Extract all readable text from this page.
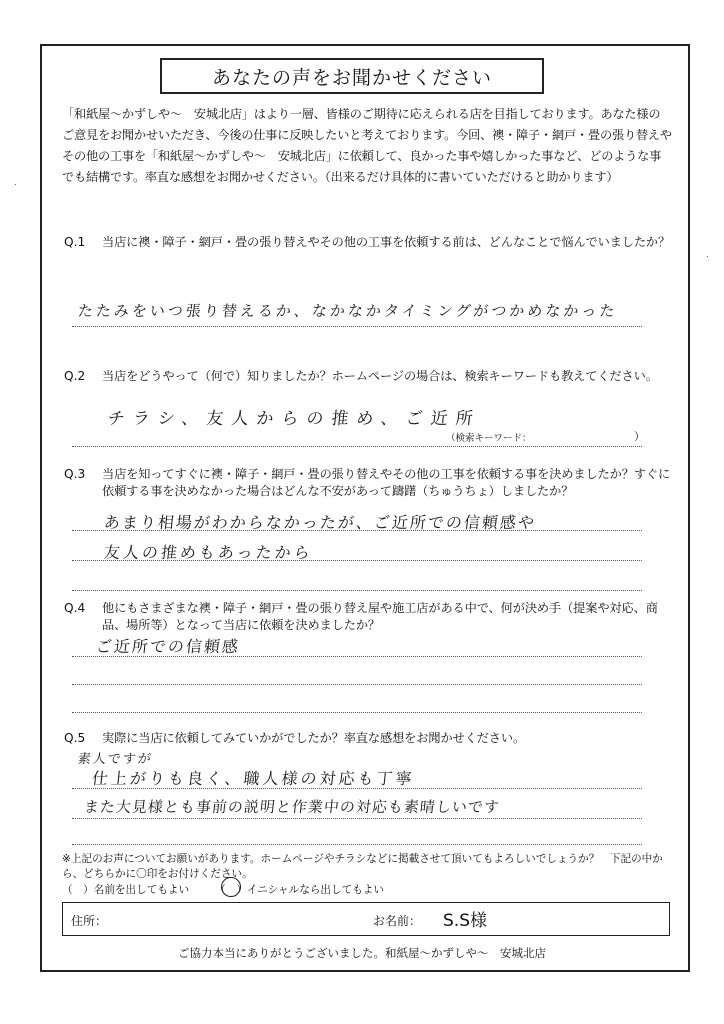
あなたの声をお聞かせください
「和紙屋～かずしや～　安城北店」はより一層、皆様のご期待に応えられる店を目指しております。あなた様のご意見をお聞かせいただき、今後の仕事に反映したいと考えております。今回、襖・障子・網戸・畳の張り替えやその他の工事を「和紙屋～かずしや～　安城北店」に依頼して、良かった事や嬉しかった事など、どのような事でも結構です。率直な感想をお聞かせください。（出来るだけ具体的に書いていただけると助かります）
Q.1	当店に襖・障子・網戸・畳の張り替えやその他の工事を依頼する前は、どんなことで悩んでいましたか？
たたみをいつ張り替えるか、なかなかタイミングがつかめなかった
Q.2	当店をどうやって（何で）知りましたか？ホームページの場合は、検索キーワードも教えてください。
チラシ、友人からの推め、ご近所
（検索キーワード：	）
Q.3	当店を知ってすぐに襖・障子・網戸・畳の張り替えやその他の工事を依頼する事を決めましたか？すぐに依頼する事を決めなかった場合はどんな不安があって躊躇（ちゅうちょ）しましたか？
あまり相場がわからなかったが、ご近所での信頼感や
友人の推めもあったから
Q.4	他にもさまざまな襖・障子・網戸・畳の張り替え屋や施工店がある中で、何が決め手（提案や対応、商品、場所等）となって当店に依頼を決めましたか？
ご近所での信頼感
Q.5	実際に当店に依頼してみていかがでしたか？率直な感想をお聞かせください。
素人ですが
仕上がりも良く、職人様の対応も丁寧
また大見様とも事前の説明と作業中の対応も素晴しいです
※上記のお声についてお願いがあります。ホームページやチラシなどに掲載させて頂いてもよろしいでしょうか？　下記の中から、どちらかに〇印をお付けください。
（　）名前を出してもよい （　）イニシャルなら出してもよい
住所：	お名前： S.S様
ご協力本当にありがとうございました。和紙屋～かずしや～　安城北店
.
.
